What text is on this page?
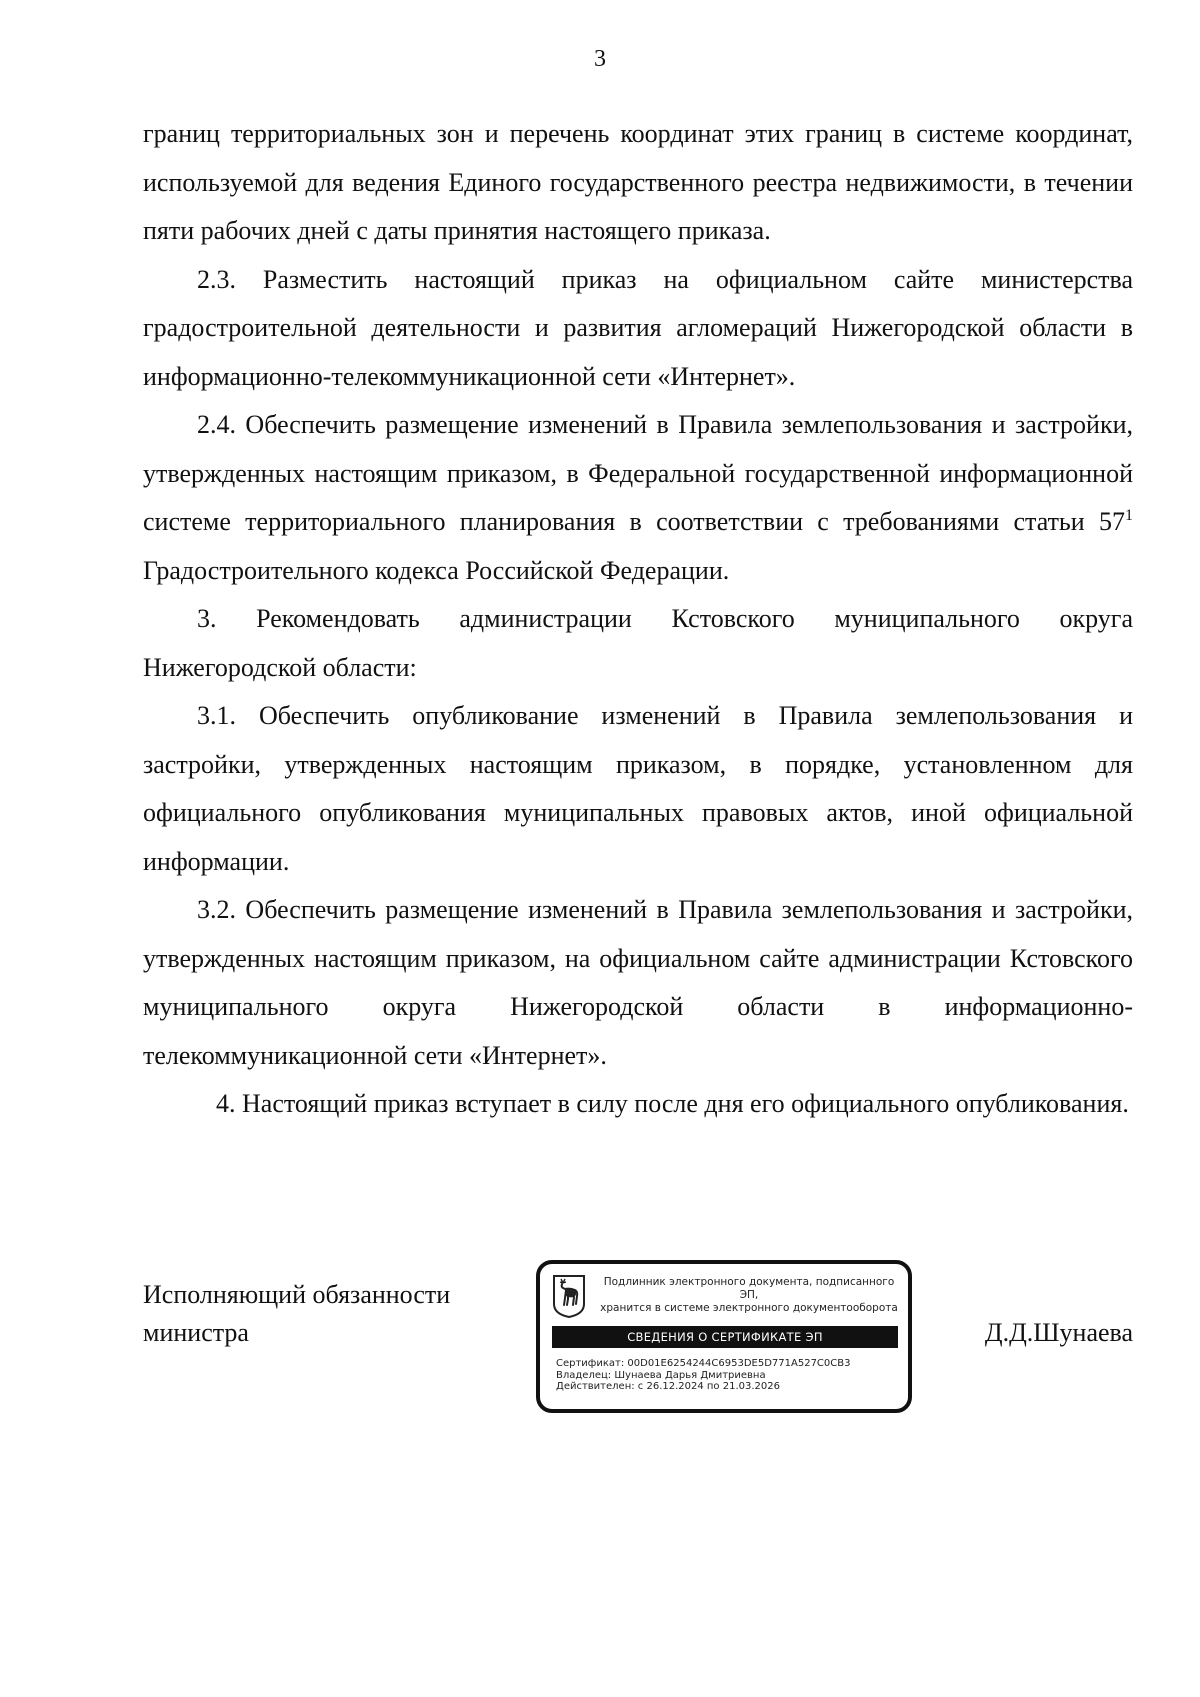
3

границ территориальных зон и перечень координат этих границ в системе координат, используемой для ведения Единого государственного реестра недвижимости, в течении пяти рабочих дней с даты принятия настоящего приказа.

2.3. Разместить настоящий приказ на официальном сайте министерства градостроительной деятельности и развития агломераций Нижегородской области в информационно-телекоммуникационной сети «Интернет».

2.4. Обеспечить размещение изменений в Правила землепользования и застройки, утвержденных настоящим приказом, в Федеральной государственной информационной системе территориального планирования в соответствии с требованиями статьи $57^1$ Градостроительного кодекса Российской Федерации.

3. Рекомендовать администрации Кстовского муниципального округа Нижегородской области:

3.1. Обеспечить опубликование изменений в Правила землепользования и застройки, утвержденных настоящим приказом, в порядке, установленном для официального опубликования муниципальных правовых актов, иной официальной информации.

3.2. Обеспечить размещение изменений в Правила землепользования и застройки, утвержденных настоящим приказом, на официальном сайте администрации Кстовского муниципального округа Нижегородской области в информационно-телекоммуникационной сети «Интернет».

4. Настоящий приказ вступает в силу после дня его официального опубликования.

Исполняющий обязанности
министра
Подлинник электронного документа, подписанного ЭП,
хранится в системе электронного документооборота
СВЕДЕНИЯ О СЕРТИФИКАТЕ ЭП
Сертификат: 00D01E6254244C6953DE5D771A527C0CB3
Владелец: Шунаева Дарья Дмитриевна
Действителен: с 26.12.2024 по 21.03.2026
Д.Д.Шунаева
